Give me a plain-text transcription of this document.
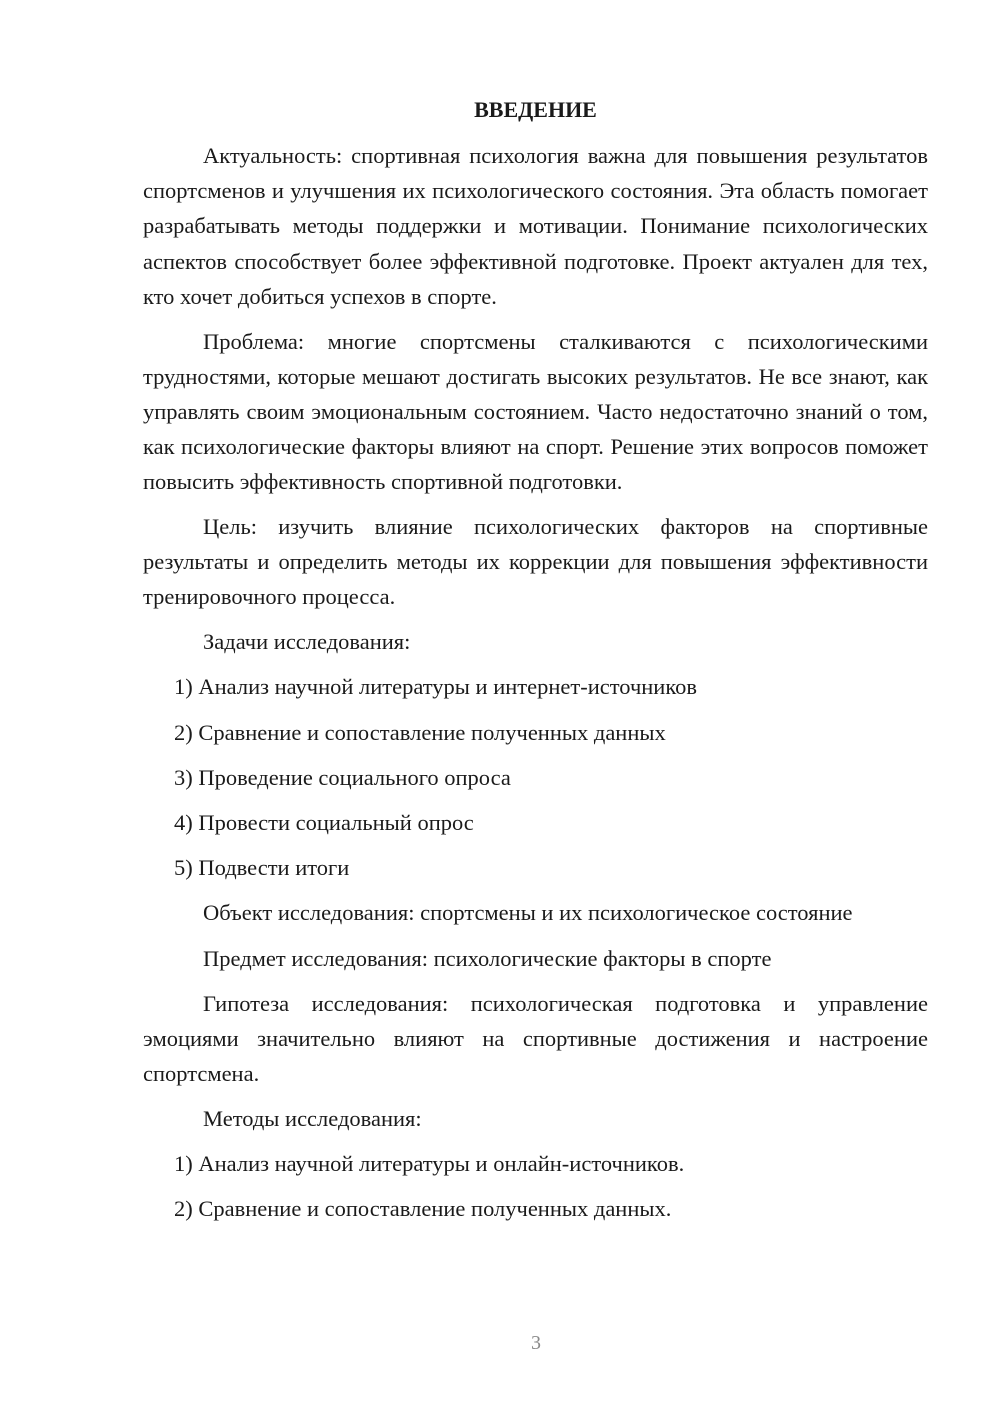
ВВЕДЕНИЕ

Актуальность: спортивная психология важна для повышения результатов спортсменов и улучшения их психологического состояния. Эта область помогает разрабатывать методы поддержки и мотивации. Понимание психологических аспектов способствует более эффективной подготовке. Проект актуален для тех, кто хочет добиться успехов в спорте.

Проблема: многие спортсмены сталкиваются с психологическими трудностями, которые мешают достигать высоких результатов. Не все знают, как управлять своим эмоциональным состоянием. Часто недостаточно знаний о том, как психологические факторы влияют на спорт. Решение этих вопросов поможет повысить эффективность спортивной подготовки.

Цель: изучить влияние психологических факторов на спортивные результаты и определить методы их коррекции для повышения эффективности тренировочного процесса.

Задачи исследования:
1) Анализ научной литературы и интернет-источников
2) Сравнение и сопоставление полученных данных
3) Проведение социального опроса
4) Провести социальный опрос
5) Подвести итоги
Объект исследования: спортсмены и их психологическое состояние
Предмет исследования: психологические факторы в спорте

Гипотеза исследования: психологическая подготовка и управление эмоциями значительно влияют на спортивные достижения и настроение спортсмена.

Методы исследования:
1) Анализ научной литературы и онлайн-источников.
2) Сравнение и сопоставление полученных данных.
3
